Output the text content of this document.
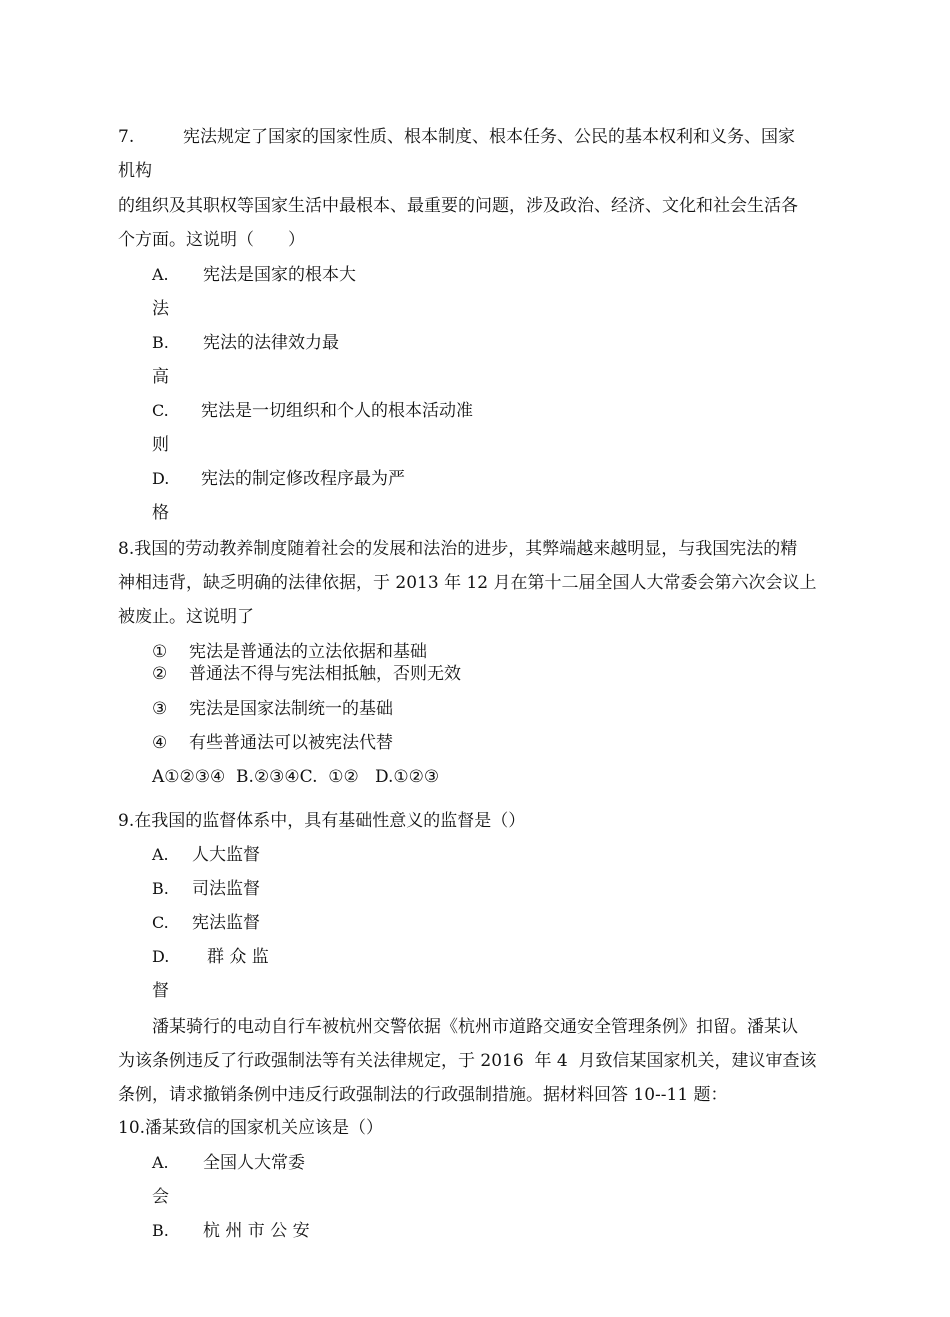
7.	宪法规定了国家的国家性质、根本制度、根本任务、公民的基本权利和义务、国家
机构
的组织及其职权等国家生活中最根本、最重要的问题，涉及政治、经济、文化和社会生活各
个方面。这说明（　　）
A. 宪法是国家的根本大
法
B. 宪法的法律效力最
高
C. 宪法是一切组织和个人的根本活动准
则
D. 宪法的制定修改程序最为严
格
8.我国的劳动教养制度随着社会的发展和法治的进步，其弊端越来越明显，与我国宪法的精
神相违背，缺乏明确的法律依据，于 2013 年 12 月在第十二届全国人大常委会第六次会议上
被废止。这说明了
① 宪法是普通法的立法依据和基础
② 普通法不得与宪法相抵触，否则无效
③ 宪法是国家法制统一的基础
④ 有些普通法可以被宪法代替
A①②③④  B.②③④C.  ①②   D.①②③
9.在我国的监督体系中，具有基础性意义的监督是（）
A. 人大监督
B. 司法监督
C. 宪法监督
D. 群 众 监
督
潘某骑行的电动自行车被杭州交警依据《杭州市道路交通安全管理条例》扣留。潘某认
为该条例违反了行政强制法等有关法律规定，于 2016  年 4  月致信某国家机关，建议审查该
条例，请求撤销条例中违反行政强制法的行政强制措施。据材料回答 10--11 题：
10.潘某致信的国家机关应该是（）
A. 全国人大常委
会
B. 杭 州 市 公 安
